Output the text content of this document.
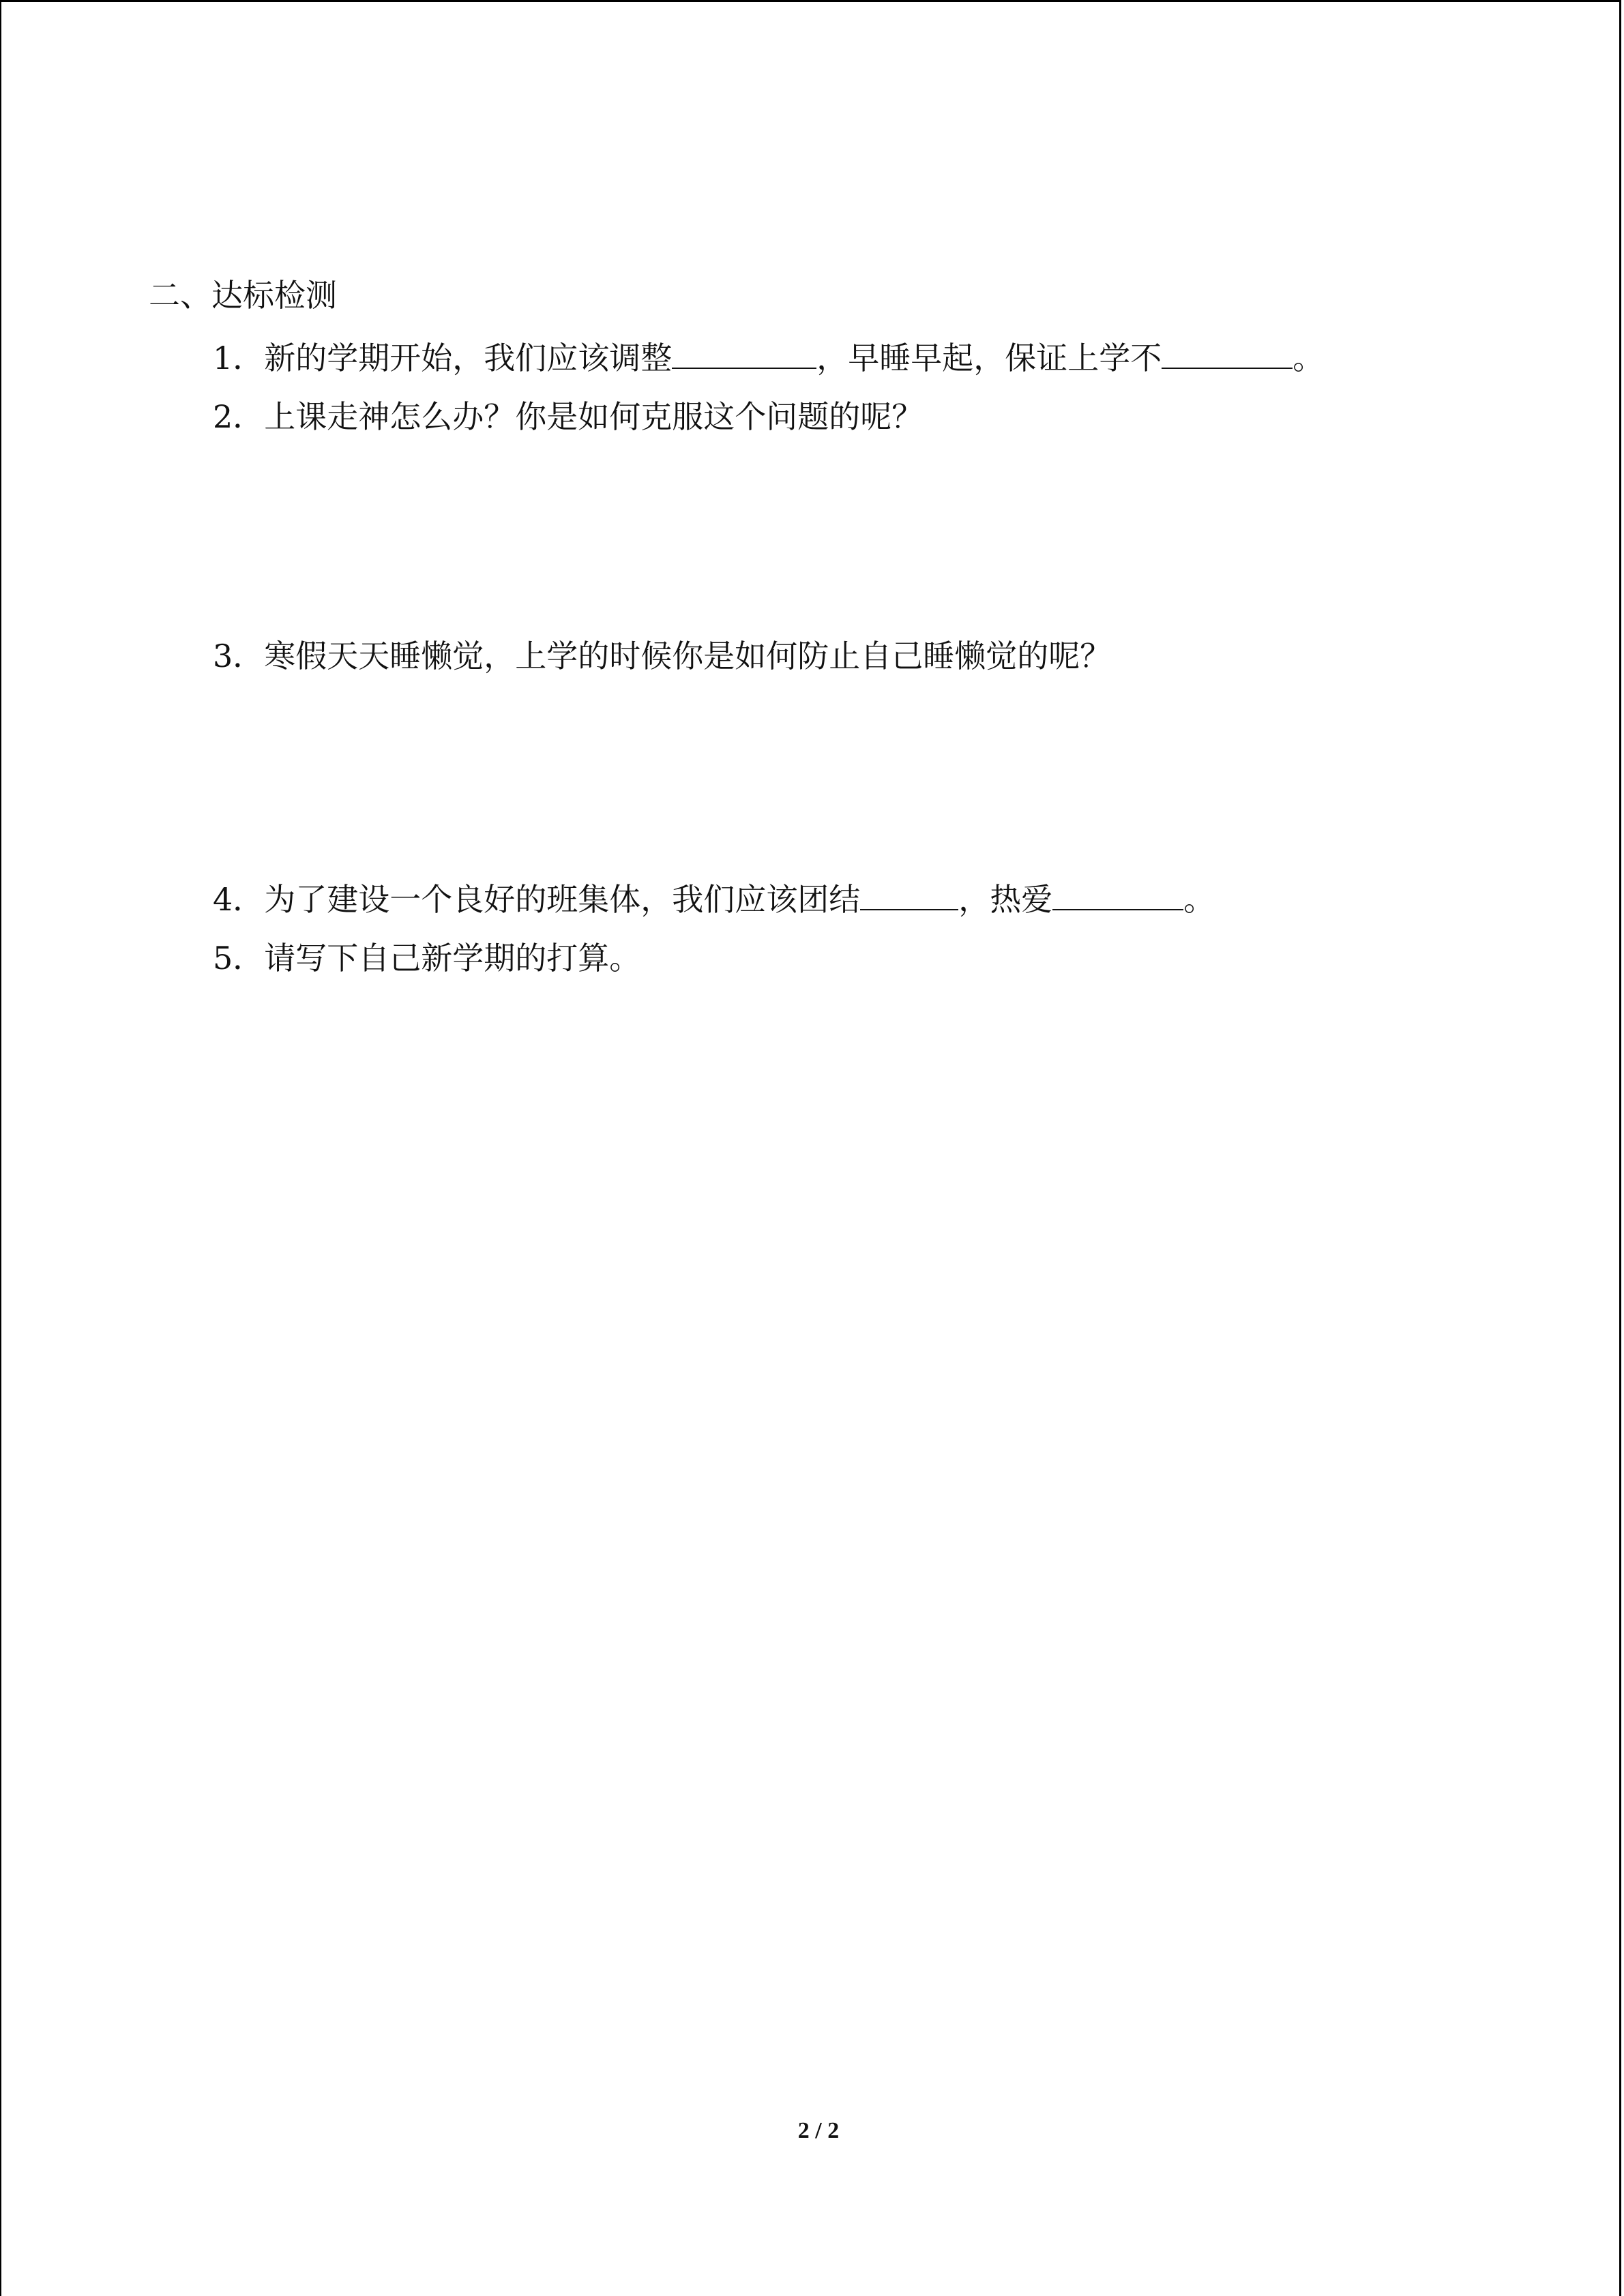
二、达标检测
1．新的学期开始，我们应该调整	，早睡早起，保证上学不	。
2．上课走神怎么办？你是如何克服这个问题的呢？
3．寒假天天睡懒觉，上学的时候你是如何防止自己睡懒觉的呢？
4．为了建设一个良好的班集体，我们应该团结	，热爱	。
5．请写下自己新学期的打算。
2 / 2
